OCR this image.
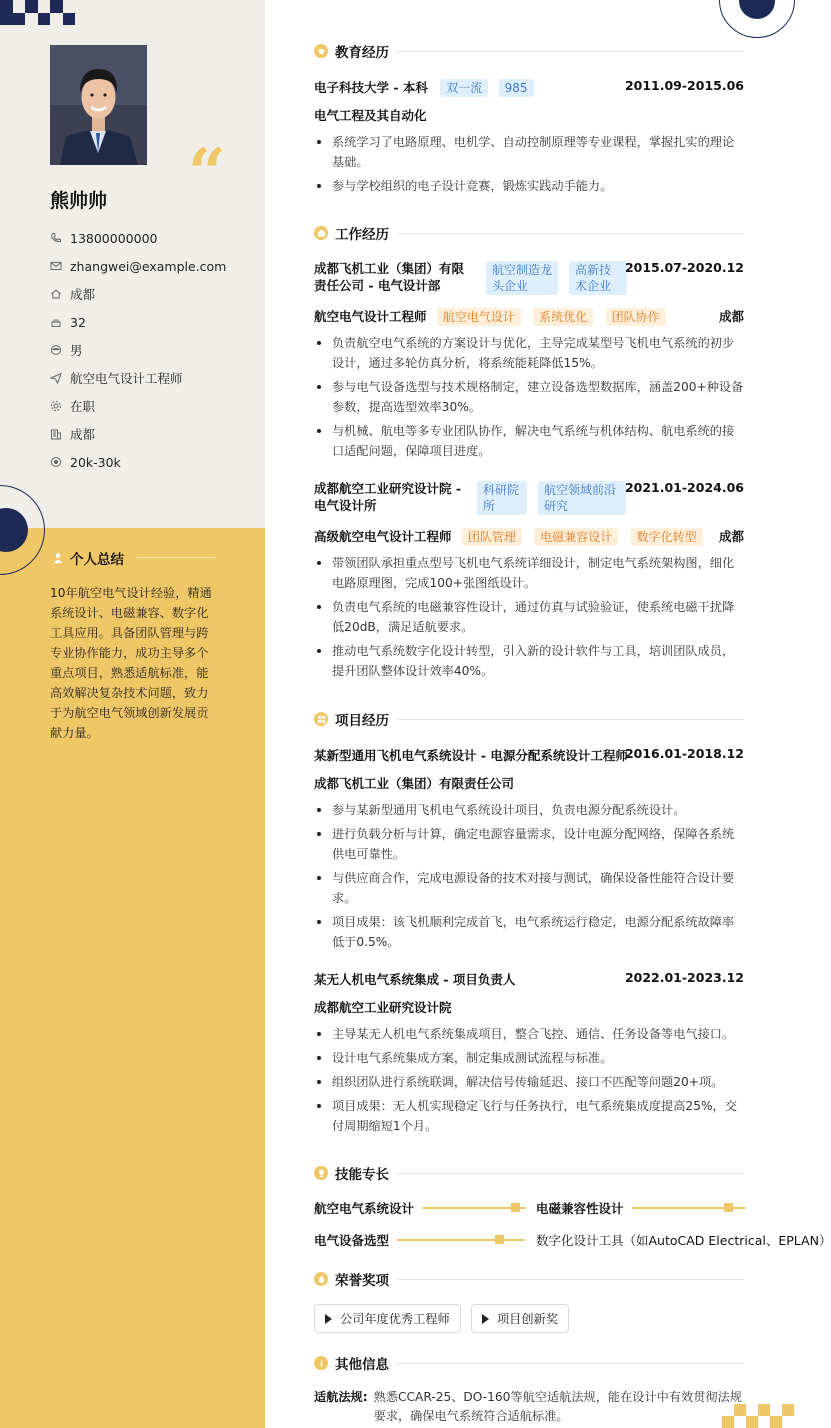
“
熊帅帅
13800000000
zhangwei@example.com
成都
32
男
航空电气设计工程师
在职
成都
20k-30k
个人总结
10年航空电气设计经验，精通系统设计、电磁兼容、数字化工具应用。具备团队管理与跨专业协作能力，成功主导多个重点项目，熟悉适航标准，能高效解决复杂技术问题，致力于为航空电气领域创新发展贡献力量。
教育经历
电子科技大学 - 本科 双一流 985	2011.09-2015.06
电气工程及其自动化
系统学习了电路原理、电机学、自动控制原理等专业课程，掌握扎实的理论基础。
参与学校组织的电子设计竞赛，锻炼实践动手能力。
工作经历
成都飞机工业（集团）有限责任公司 - 电气设计部
航空制造龙头企业
高新技术企业
2015.07-2020.12
航空电气设计工程师 航空电气设计 系统优化 团队协作	成都
负责航空电气系统的方案设计与优化，主导完成某型号飞机电气系统的初步设计，通过多轮仿真分析，将系统能耗降低15%。
参与电气设备选型与技术规格制定，建立设备选型数据库，涵盖200+种设备参数，提高选型效率30%。
与机械、航电等多专业团队协作，解决电气系统与机体结构、航电系统的接口适配问题，保障项目进度。
成都航空工业研究设计院 - 电气设计所
科研院所
航空领域前沿研究
2021.01-2024.06
高级航空电气设计工程师 团队管理 电磁兼容设计 数字化转型 成都
带领团队承担重点型号飞机电气系统详细设计，制定电气系统架构图，细化电路原理图，完成100+张图纸设计。
负责电气系统的电磁兼容性设计，通过仿真与试验验证，使系统电磁干扰降低20dB，满足适航要求。
推动电气系统数字化设计转型，引入新的设计软件与工具，培训团队成员，提升团队整体设计效率40%。
项目经历
某新型通用飞机电气系统设计 - 电源分配系统设计工程师
2016.01-2018.12
成都飞机工业（集团）有限责任公司
参与某新型通用飞机电气系统设计项目，负责电源分配系统设计。
进行负载分析与计算，确定电源容量需求，设计电源分配网络，保障各系统供电可靠性。
与供应商合作，完成电源设备的技术对接与测试，确保设备性能符合设计要求。
项目成果：该飞机顺利完成首飞，电气系统运行稳定，电源分配系统故障率低于0.5%。
某无人机电气系统集成 - 项目负责人	2022.01-2023.12
成都航空工业研究设计院
主导某无人机电气系统集成项目，整合飞控、通信、任务设备等电气接口。
设计电气系统集成方案，制定集成测试流程与标准。
组织团队进行系统联调，解决信号传输延迟、接口不匹配等问题20+项。
项目成果：无人机实现稳定飞行与任务执行，电气系统集成度提高25%，交付周期缩短1个月。
技能专长
航空电气系统设计	电磁兼容性设计
电气设备选型	数字化设计工具（如AutoCAD Electrical、EPLAN）
荣誉奖项
公司年度优秀工程师	项目创新奖
其他信息
适航法规: 熟悉CCAR-25、DO-160等航空适航法规，能在设计中有效贯彻法规要求，确保电气系统符合适航标准。
